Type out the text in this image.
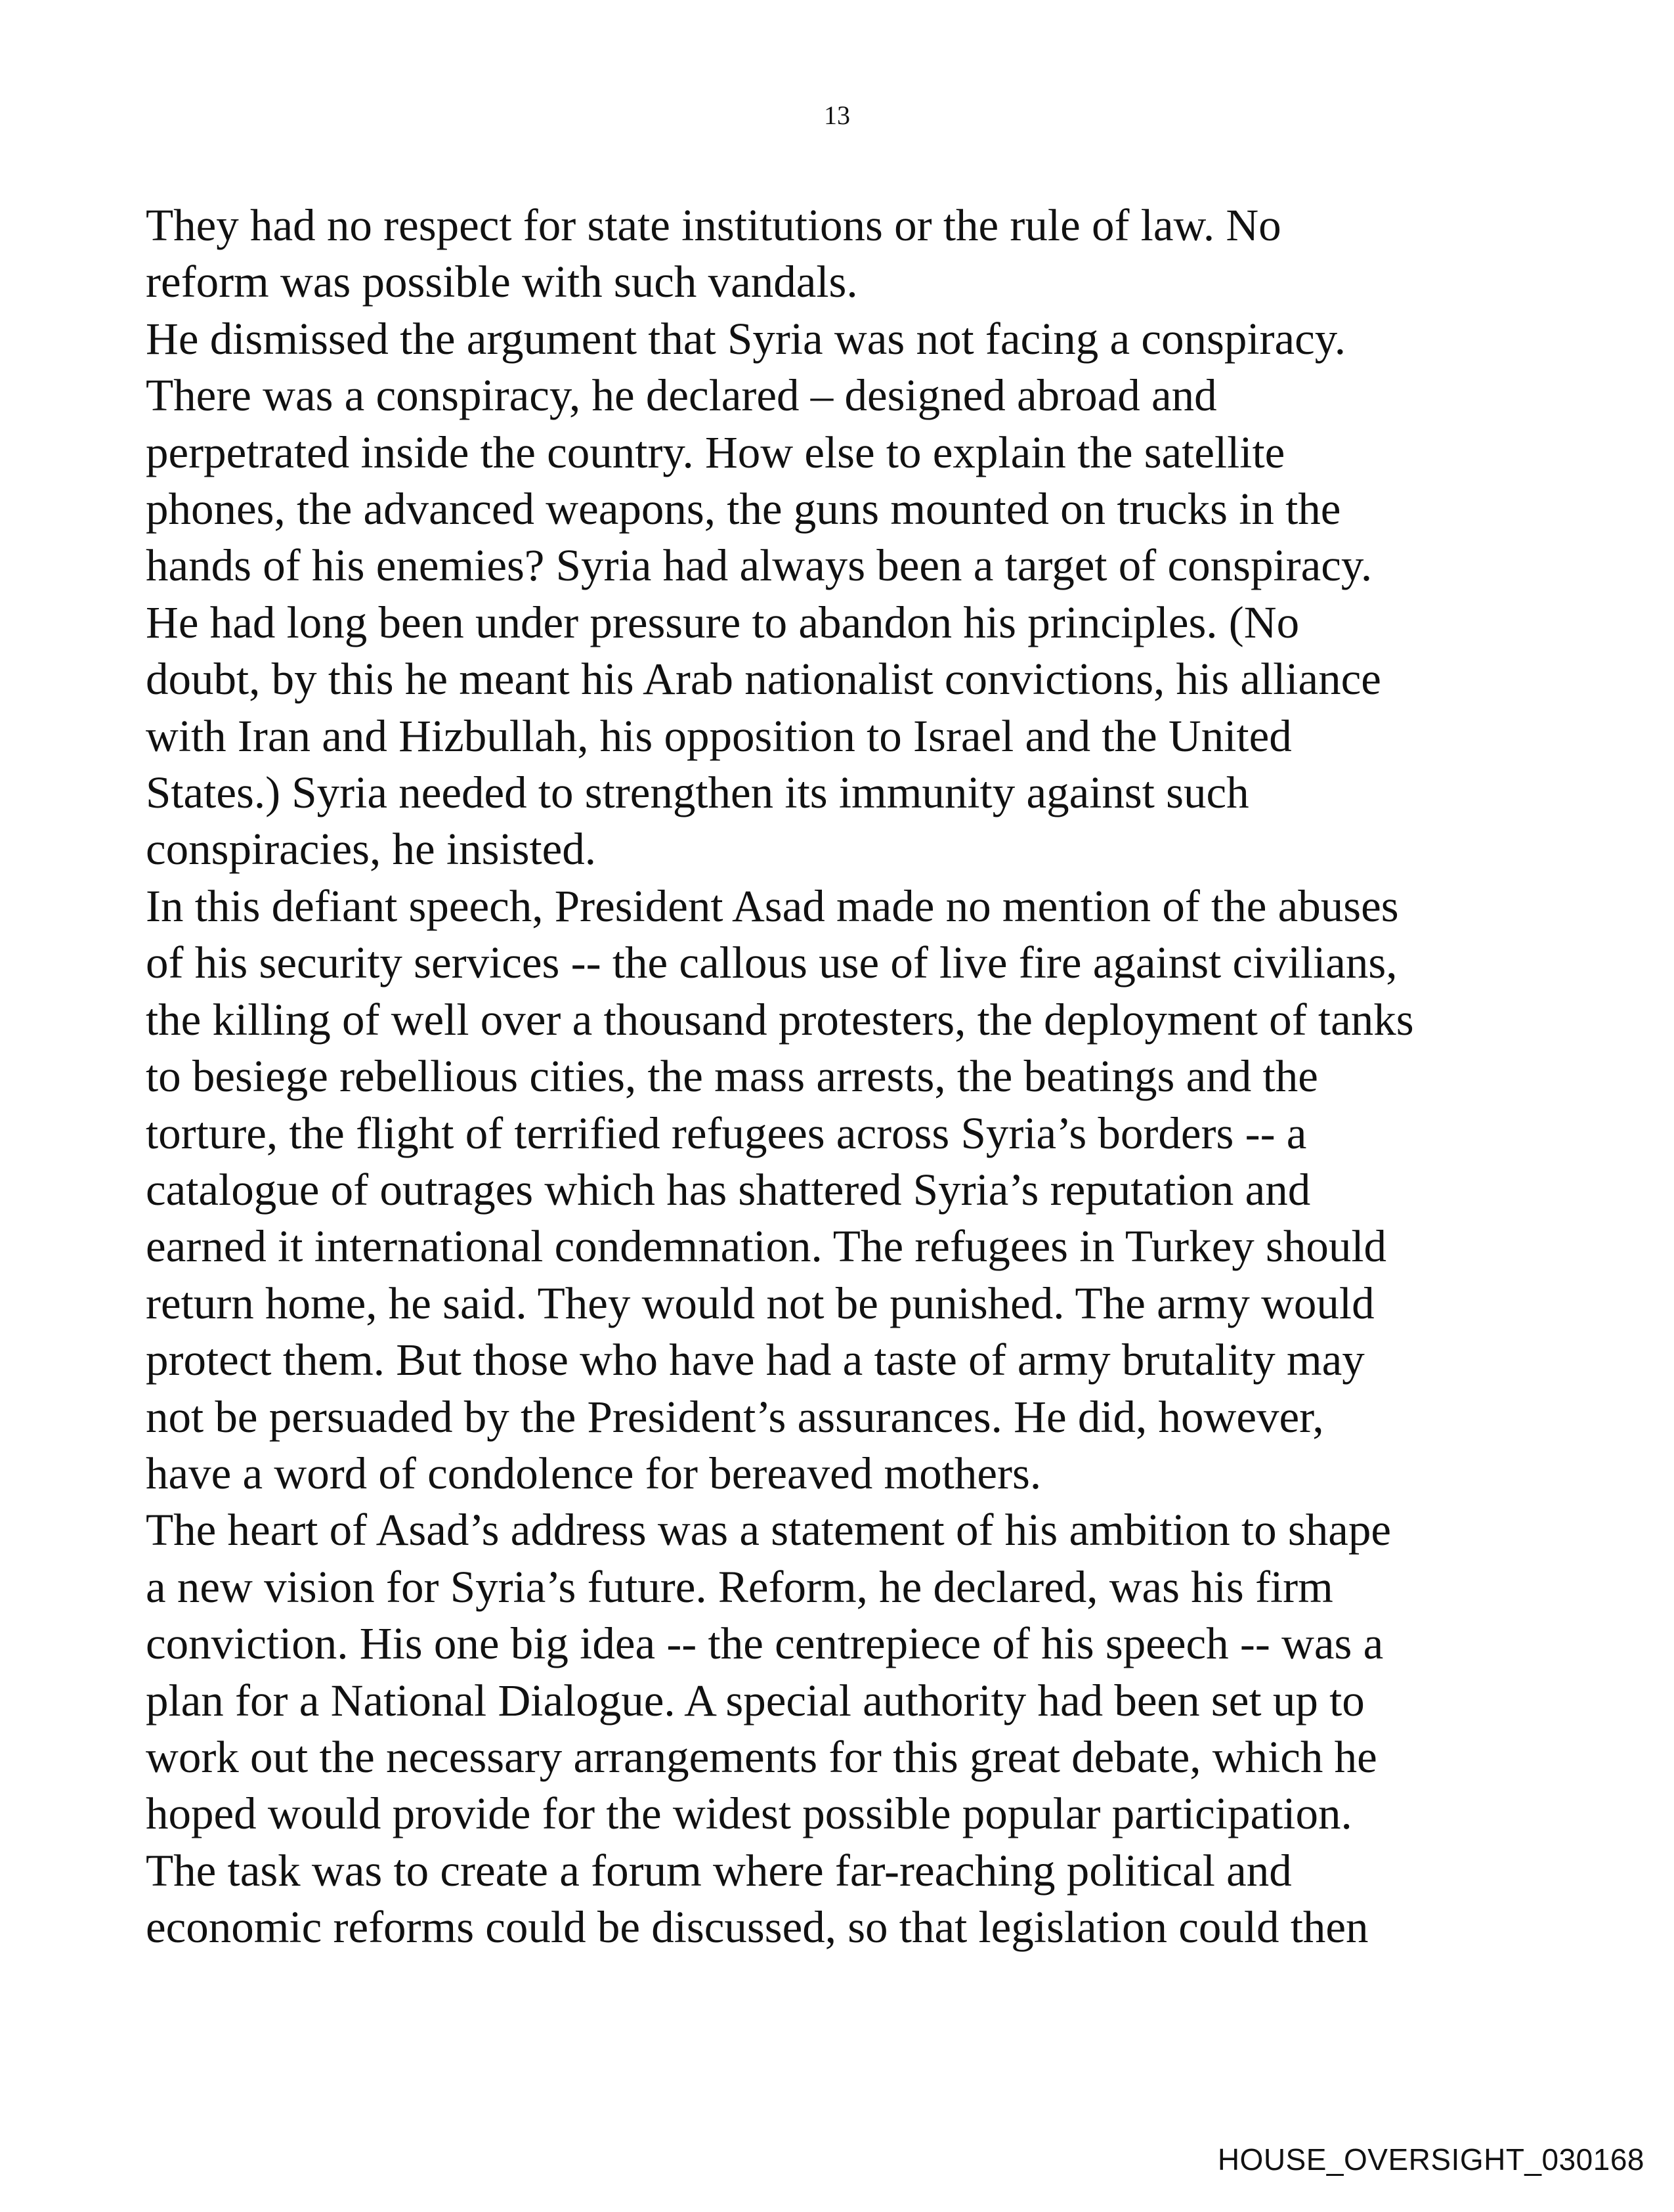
13
They had no respect for state institutions or the rule of law. No
reform was possible with such vandals.
He dismissed the argument that Syria was not facing a conspiracy.
There was a conspiracy, he declared – designed abroad and
perpetrated inside the country. How else to explain the satellite
phones, the advanced weapons, the guns mounted on trucks in the
hands of his enemies? Syria had always been a target of conspiracy.
He had long been under pressure to abandon his principles. (No
doubt, by this he meant his Arab nationalist convictions, his alliance
with Iran and Hizbullah, his opposition to Israel and the United
States.) Syria needed to strengthen its immunity against such
conspiracies, he insisted.
In this defiant speech, President Asad made no mention of the abuses
of his security services -- the callous use of live fire against civilians,
the killing of well over a thousand protesters, the deployment of tanks
to besiege rebellious cities, the mass arrests, the beatings and the
torture, the flight of terrified refugees across Syria’s borders -- a
catalogue of outrages which has shattered Syria’s reputation and
earned it international condemnation. The refugees in Turkey should
return home, he said. They would not be punished. The army would
protect them. But those who have had a taste of army brutality may
not be persuaded by the President’s assurances. He did, however,
have a word of condolence for bereaved mothers.
The heart of Asad’s address was a statement of his ambition to shape
a new vision for Syria’s future. Reform, he declared, was his firm
conviction. His one big idea -- the centrepiece of his speech -- was a
plan for a National Dialogue. A special authority had been set up to
work out the necessary arrangements for this great debate, which he
hoped would provide for the widest possible popular participation.
The task was to create a forum where far-reaching political and
economic reforms could be discussed, so that legislation could then
HOUSE_OVERSIGHT_030168
